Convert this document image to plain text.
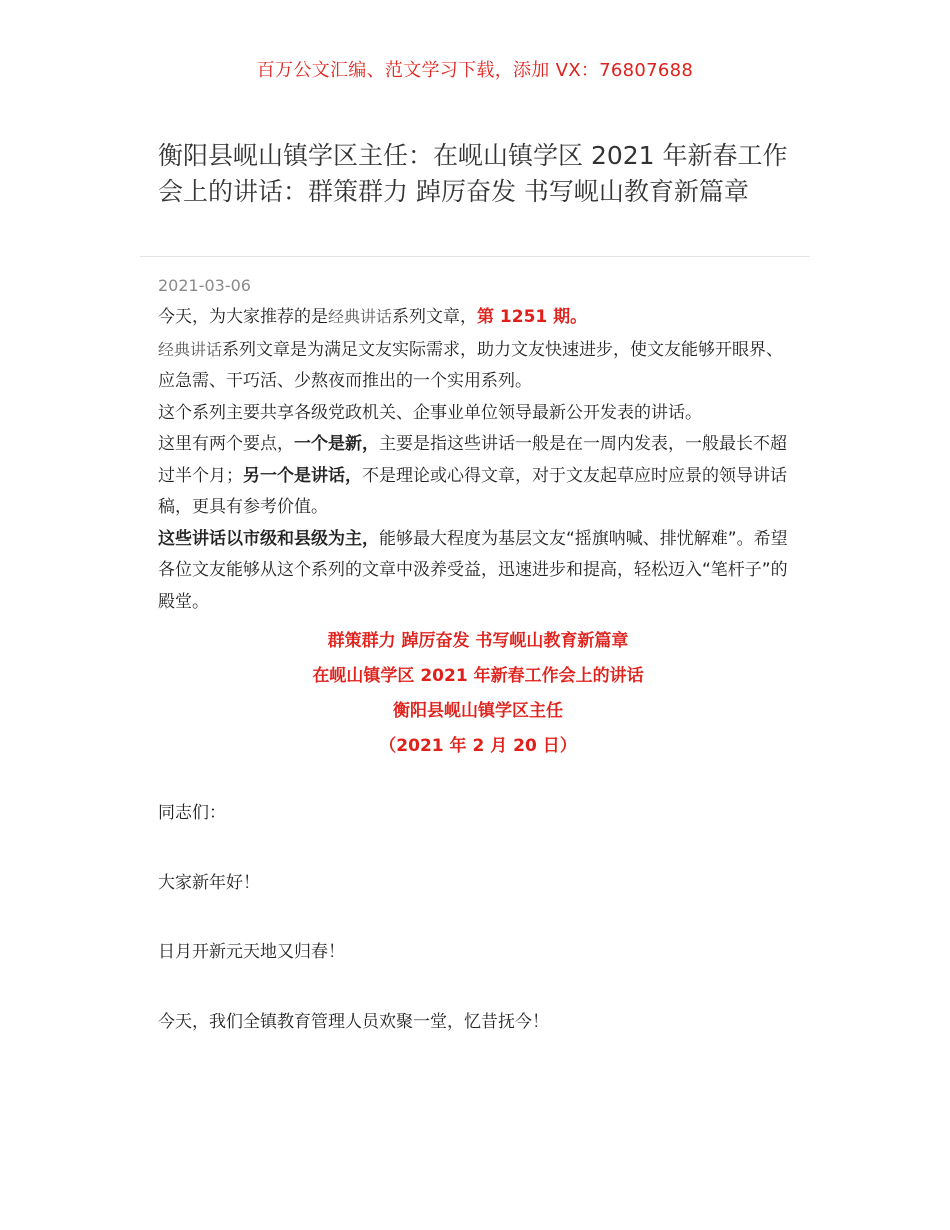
百万公文汇编、范文学习下载，添加 VX：76807688
衡阳县岘山镇学区主任：在岘山镇学区 2021 年新春工作会上的讲话：群策群力 踔厉奋发 书写岘山教育新篇章
2021-03-06

今天，为大家推荐的是经典讲话系列文章，第 1251 期。

经典讲话系列文章是为满足文友实际需求，助力文友快速进步，使文友能够开眼界、应急需、干巧活、少熬夜而推出的一个实用系列。

这个系列主要共享各级党政机关、企事业单位领导最新公开发表的讲话。

这里有两个要点，一个是新，主要是指这些讲话一般是在一周内发表，一般最长不超过半个月；另一个是讲话，不是理论或心得文章，对于文友起草应时应景的领导讲话稿，更具有参考价值。

这些讲话以市级和县级为主，能够最大程度为基层文友“摇旗呐喊、排忧解难”。希望各位文友能够从这个系列的文章中汲养受益，迅速进步和提高，轻松迈入“笔杆子”的殿堂。

群策群力 踔厉奋发 书写岘山教育新篇章
在岘山镇学区 2021 年新春工作会上的讲话
衡阳县岘山镇学区主任
（2021 年 2 月 20 日）
同志们：
大家新年好！
日月开新元天地又归春！
今天，我们全镇教育管理人员欢聚一堂，忆昔抚今！
